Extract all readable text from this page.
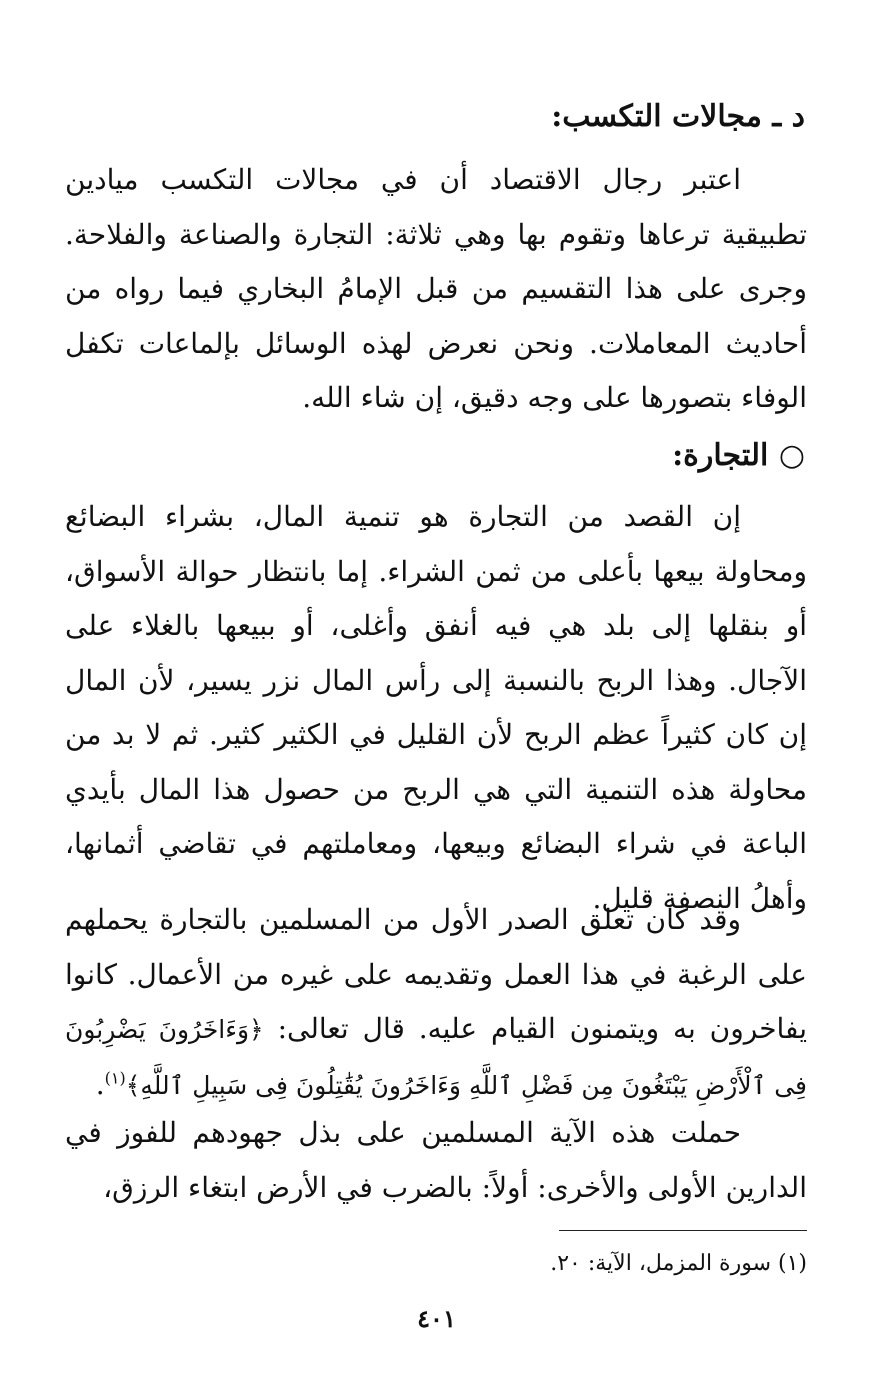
د ـ مجالات التكسب:

اعتبر رجال الاقتصاد أن في مجالات التكسب ميادين تطبيقية ترعاها وتقوم بها وهي ثلاثة: التجارة والصناعة والفلاحة. وجرى على هذا التقسيم من قبل الإمامُ البخاري فيما رواه من أحاديث المعاملات. ونحن نعرض لهذه الوسائل بإلماعات تكفل الوفاء بتصورها على وجه دقيق، إن شاء الله.

○ التجارة:

إن القصد من التجارة هو تنمية المال، بشراء البضائع ومحاولة بيعها بأعلى من ثمن الشراء. إما بانتظار حوالة الأسواق، أو بنقلها إلى بلد هي فيه أنفق وأغلى، أو ببيعها بالغلاء على الآجال. وهذا الربح بالنسبة إلى رأس المال نزر يسير، لأن المال إن كان كثيراً عظم الربح لأن القليل في الكثير كثير. ثم لا بد من محاولة هذه التنمية التي هي الربح من حصول هذا المال بأيدي الباعة في شراء البضائع وبيعها، ومعاملتهم في تقاضي أثمانها، وأهلُ النصفة قليل.

وقد كان تعلق الصدر الأول من المسلمين بالتجارة يحملهم على الرغبة في هذا العمل وتقديمه على غيره من الأعمال. كانوا يفاخرون به ويتمنون القيام عليه. قال تعالى: ﴿وَءَاخَرُونَ يَضْرِبُونَ فِى ٱلْأَرْضِ يَبْتَغُونَ مِن فَضْلِ ٱللَّهِ وَءَاخَرُونَ يُقَٰتِلُونَ فِى سَبِيلِ ٱللَّهِ﴾$^{(١)}$.

حملت هذه الآية المسلمين على بذل جهودهم للفوز في الدارين الأولى والأخرى: أولاً: بالضرب في الأرض ابتغاء الرزق،

(١) سورة المزمل، الآية: ٢٠.
٤٠١
